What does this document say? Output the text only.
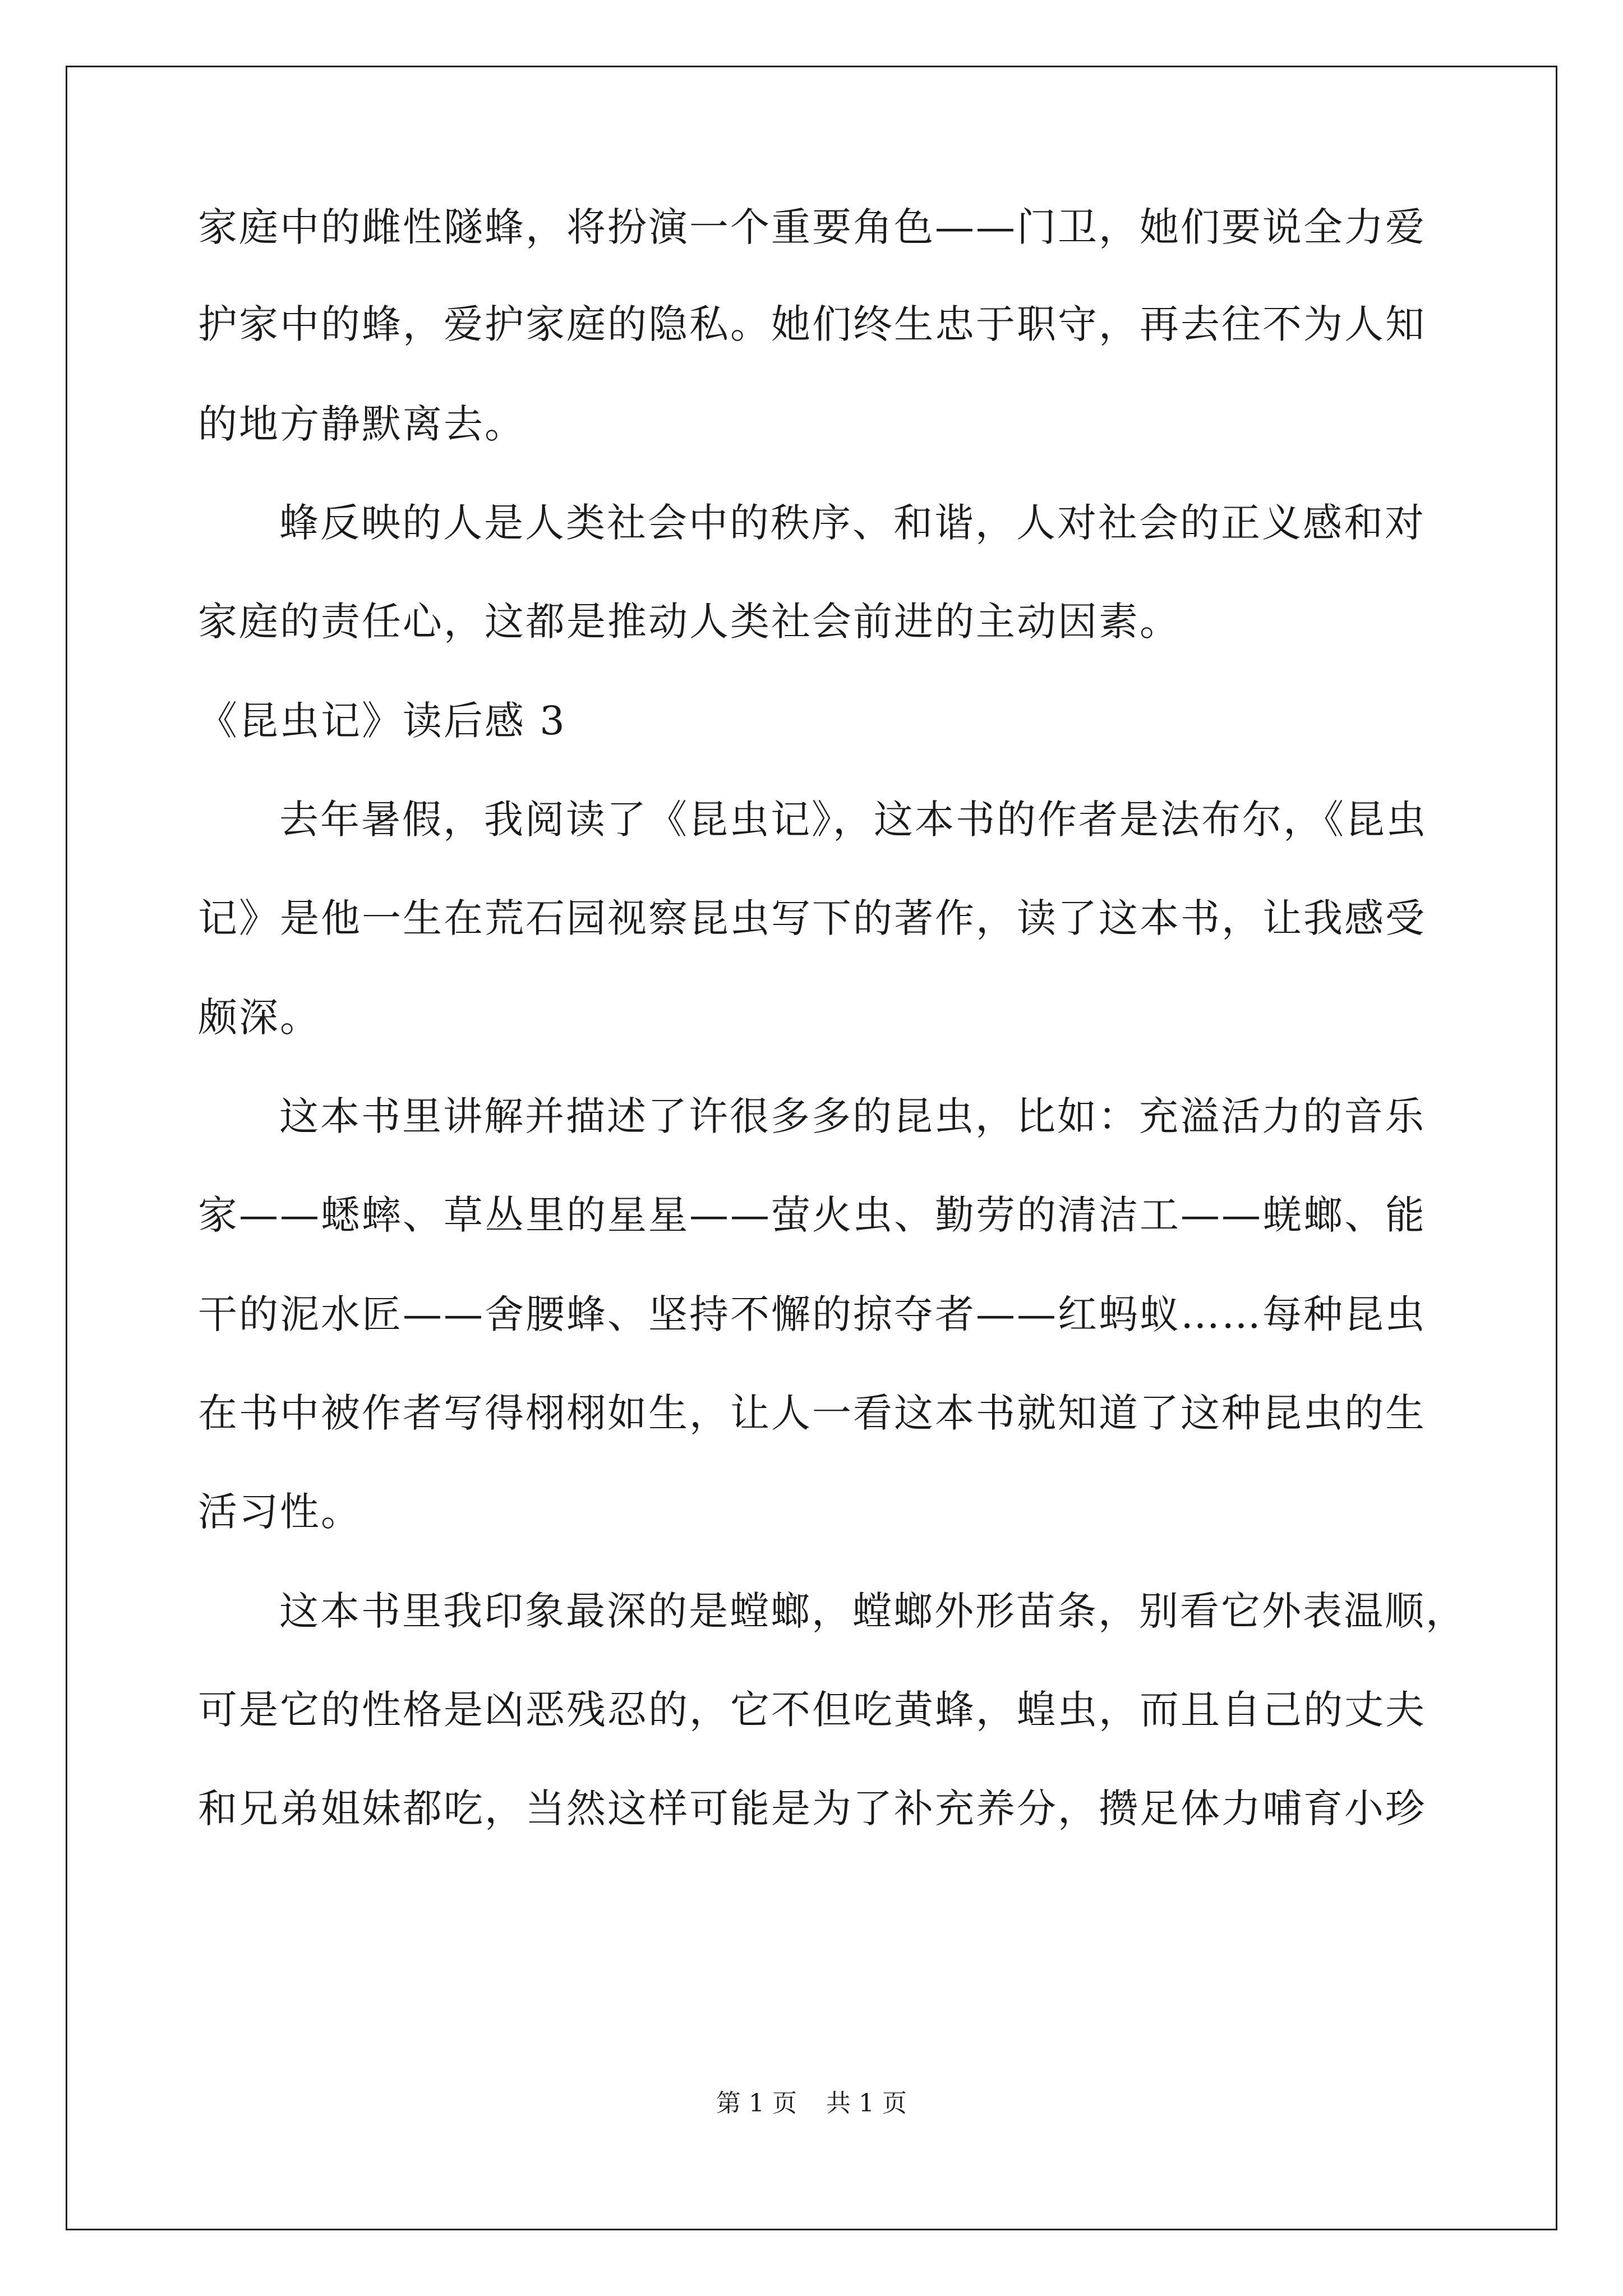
家庭中的雌性隧蜂，将扮演一个重要角色——门卫，她们要说全力爱
护家中的蜂，爱护家庭的隐私。她们终生忠于职守，再去往不为人知
的地方静默离去。
蜂反映的人是人类社会中的秩序、和谐，人对社会的正义感和对
家庭的责任心，这都是推动人类社会前进的主动因素。
《昆虫记》读后感 3
去年暑假，我阅读了《昆虫记》，这本书的作者是法布尔，《昆虫
记》是他一生在荒石园视察昆虫写下的著作，读了这本书，让我感受
颇深。
这本书里讲解并描述了许很多多的昆虫，比如：充溢活力的音乐
家——蟋蟀、草丛里的星星——萤火虫、勤劳的清洁工——蜣螂、能
干的泥水匠——舍腰蜂、坚持不懈的掠夺者——红蚂蚁……每种昆虫
在书中被作者写得栩栩如生，让人一看这本书就知道了这种昆虫的生
活习性。
这本书里我印象最深的是螳螂，螳螂外形苗条，别看它外表温顺，
可是它的性格是凶恶残忍的，它不但吃黄蜂，蝗虫，而且自己的丈夫
和兄弟姐妹都吃，当然这样可能是为了补充养分，攒足体力哺育小珍
第 1 页 共 1 页
